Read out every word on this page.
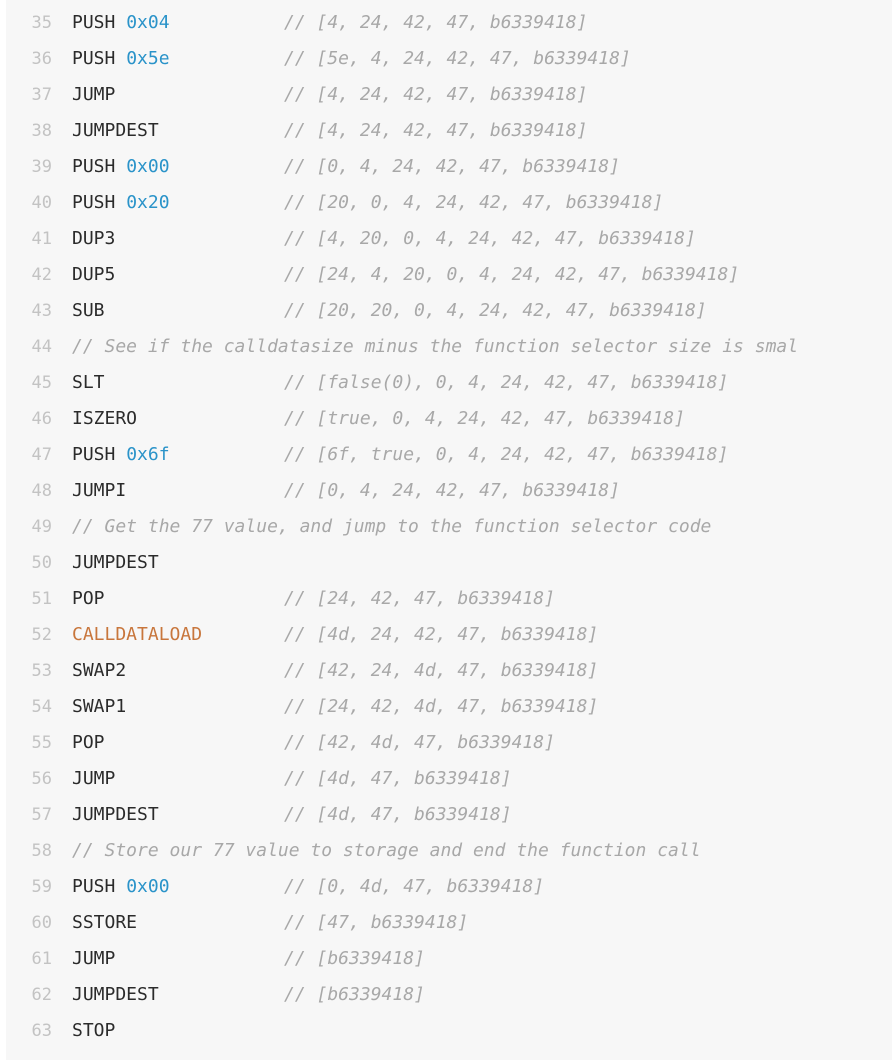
35 PUSH 0x04	// [4, 24, 42, 47, b6339418]
36 PUSH 0x5e	// [5e, 4, 24, 42, 47, b6339418]
37 JUMP	// [4, 24, 42, 47, b6339418]
38 JUMPDEST	// [4, 24, 42, 47, b6339418]
39 PUSH 0x00	// [0, 4, 24, 42, 47, b6339418]
40 PUSH 0x20	// [20, 0, 4, 24, 42, 47, b6339418]
41 DUP3	// [4, 20, 0, 4, 24, 42, 47, b6339418]
42 DUP5	// [24, 4, 20, 0, 4, 24, 42, 47, b6339418]
43 SUB	// [20, 20, 0, 4, 24, 42, 47, b6339418]
44 // See if the calldatasize minus the function selector size is smal
45 SLT	// [false(0), 0, 4, 24, 42, 47, b6339418]
46 ISZERO	// [true, 0, 4, 24, 42, 47, b6339418]
47 PUSH 0x6f	// [6f, true, 0, 4, 24, 42, 47, b6339418]
48 JUMPI	// [0, 4, 24, 42, 47, b6339418]
49 // Get the 77 value, and jump to the function selector code
50 JUMPDEST
51 POP	// [24, 42, 47, b6339418]
52 CALLDATALOAD	// [4d, 24, 42, 47, b6339418]
53 SWAP2	// [42, 24, 4d, 47, b6339418]
54 SWAP1	// [24, 42, 4d, 47, b6339418]
55 POP	// [42, 4d, 47, b6339418]
56 JUMP	// [4d, 47, b6339418]
57 JUMPDEST	// [4d, 47, b6339418]
58 // Store our 77 value to storage and end the function call
59 PUSH 0x00	// [0, 4d, 47, b6339418]
60 SSTORE	// [47, b6339418]
61 JUMP	// [b6339418]
62 JUMPDEST	// [b6339418]
63 STOP
